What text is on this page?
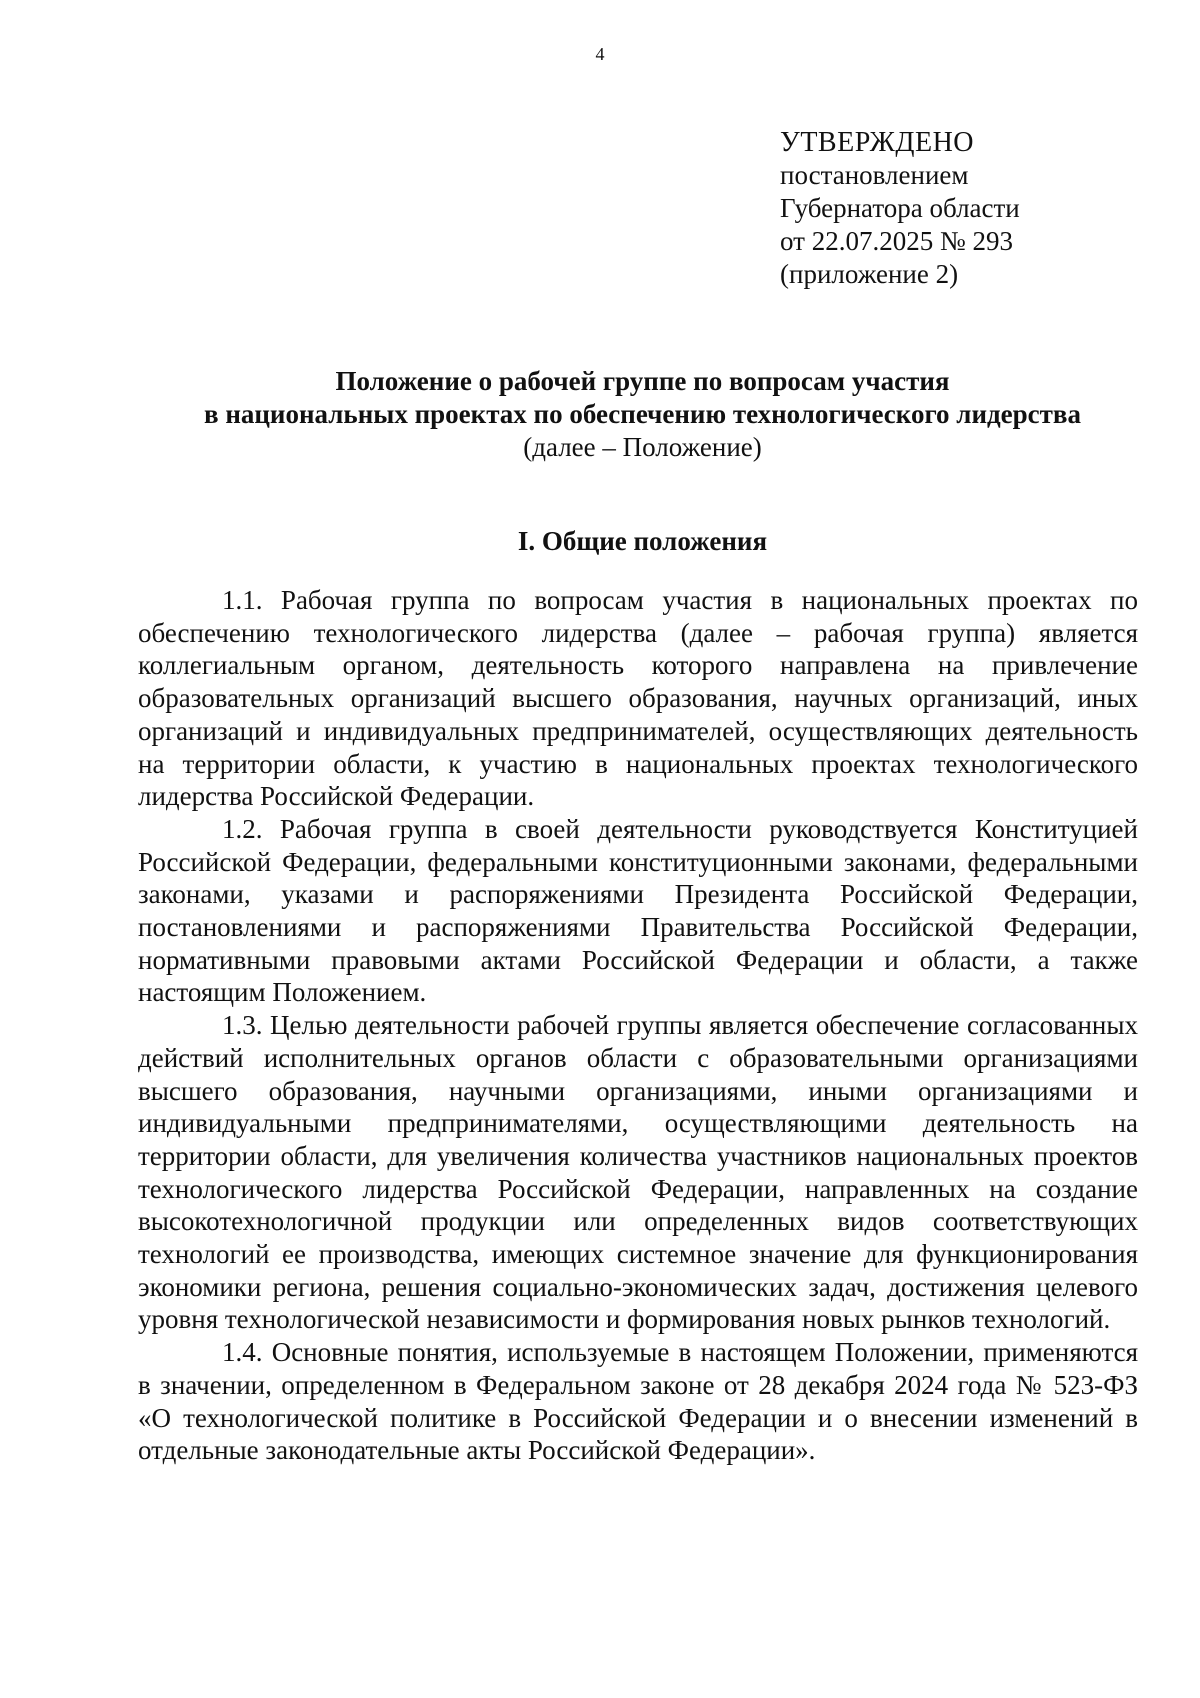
4
УТВЕРЖДЕНО
постановлением
Губернатора области
от 22.07.2025 № 293
(приложение 2)
Положение о рабочей группе по вопросам участия
в национальных проектах по обеспечению технологического лидерства
(далее – Положение)
I. Общие положения

1.1. Рабочая группа по вопросам участия в национальных проектах по обеспечению технологического лидерства (далее – рабочая группа) является коллегиальным органом, деятельность которого направлена на привлечение образовательных организаций высшего образования, научных организаций, иных организаций и индивидуальных предпринимателей, осуществляющих деятельность на территории области, к участию в национальных проектах технологического лидерства Российской Федерации.

1.2. Рабочая группа в своей деятельности руководствуется Конституцией Российской Федерации, федеральными конституционными законами, федеральными законами, указами и распоряжениями Президента Российской Федерации, постановлениями и распоряжениями Правительства Российской Федерации, нормативными правовыми актами Российской Федерации и области, а также настоящим Положением.

1.3. Целью деятельности рабочей группы является обеспечение согласованных действий исполнительных органов области с образовательными организациями высшего образования, научными организациями, иными организациями и индивидуальными предпринимателями, осуществляющими деятельность на территории области, для увеличения количества участников национальных проектов технологического лидерства Российской Федерации, направленных на создание высокотехнологичной продукции или определенных видов соответствующих технологий ее производства, имеющих системное значение для функционирования экономики региона, решения социально-экономических задач, достижения целевого уровня технологической независимости и формирования новых рынков технологий.

1.4. Основные понятия, используемые в настоящем Положении, применяются в значении, определенном в Федеральном законе от 28 декабря 2024 года № 523-ФЗ «О технологической политике в Российской Федерации и о внесении изменений в отдельные законодательные акты Российской Федерации».
